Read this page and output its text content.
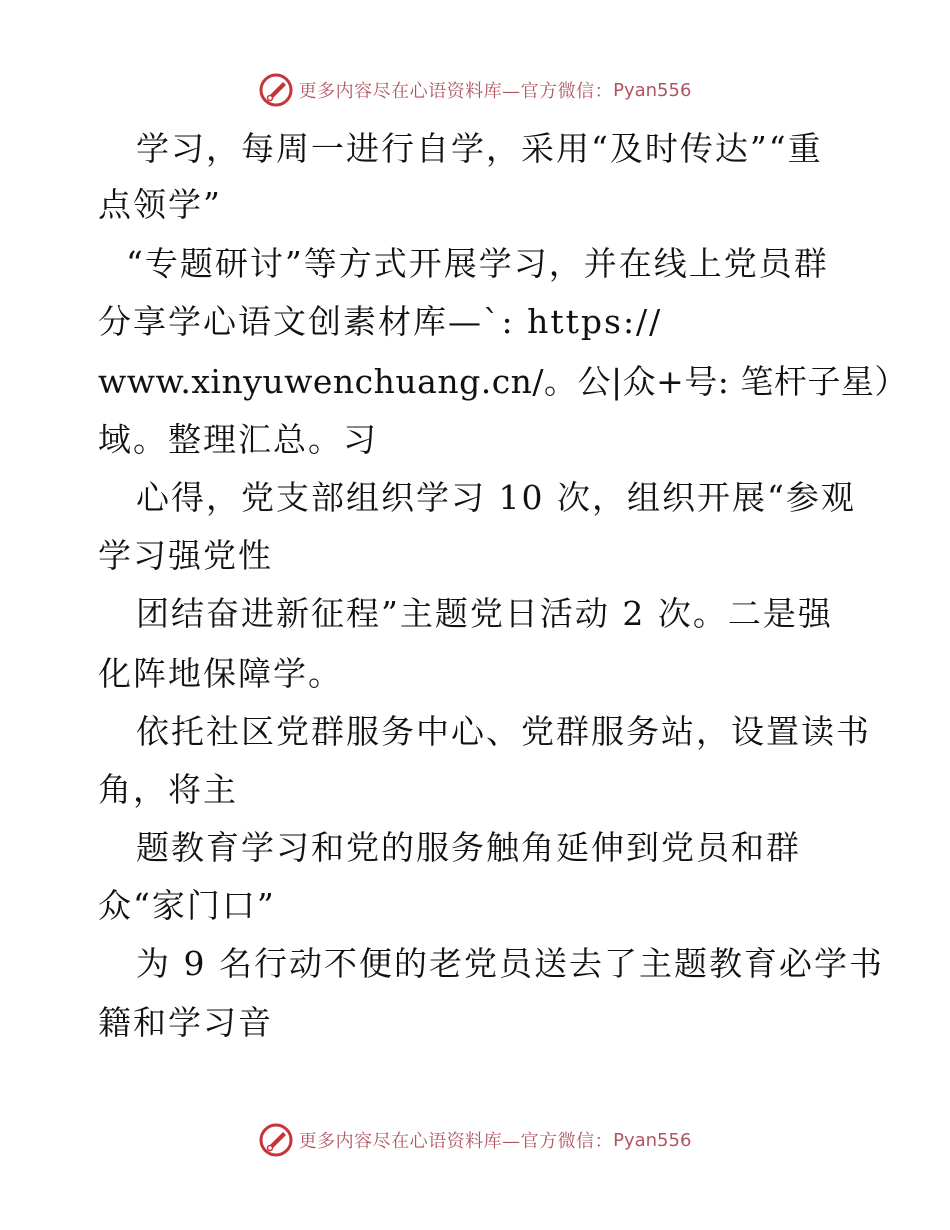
更多内容尽在心语资料库—官方微信： Pyan556
学习，每周一进行自学，采用“及时传达”“重
点领学”
“专题研讨”等方式开展学习，并在线上党员群
分享学心语文创素材库—`: https://
www.xinyuwenchuang.cn/。公|众+号: 笔杆子星）
域。整理汇总。习
心得，党支部组织学习 10 次，组织开展“参观
学习强党性
团结奋进新征程”主题党日活动 2 次。二是强
化阵地保障学。
依托社区党群服务中心、党群服务站，设置读书
角，将主
题教育学习和党的服务触角延伸到党员和群
众“家门口”
为 9 名行动不便的老党员送去了主题教育必学书
籍和学习音
更多内容尽在心语资料库—官方微信： Pyan556
